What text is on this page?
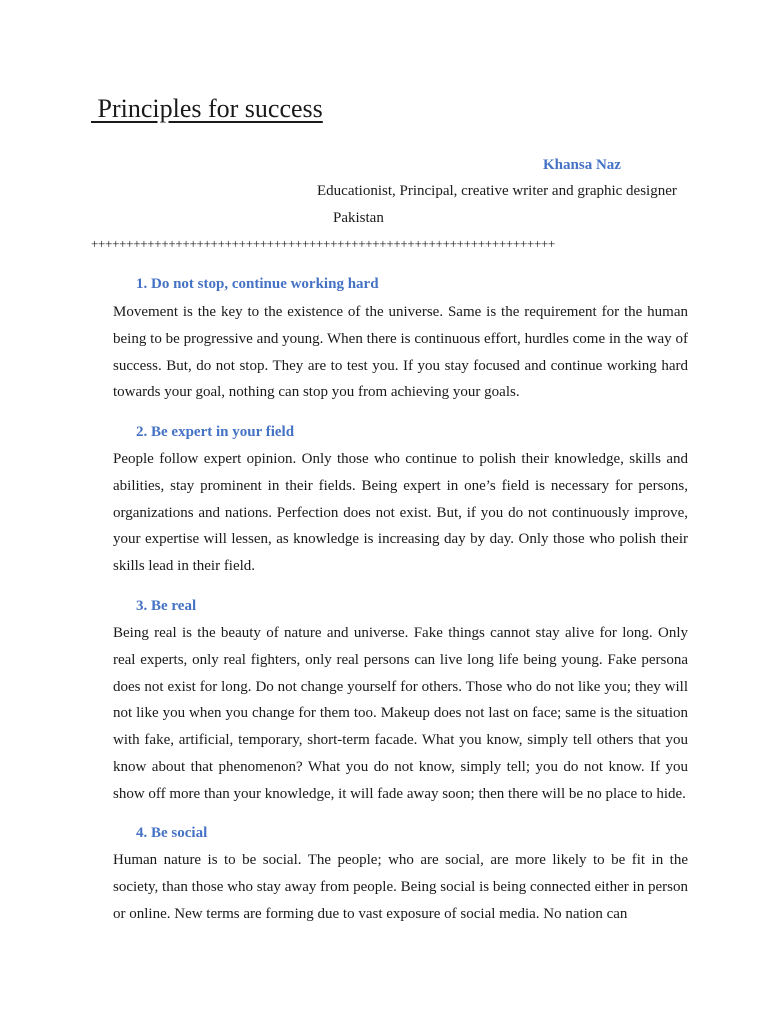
Principles for success
Khansa Naz
Educationist, Principal, creative writer and graphic designer
Pakistan
++++++++++++++++++++++++++++++++++++++++++++++++++++++++++++++++++
1. Do not stop, continue working hard

Movement is the key to the existence of the universe. Same is the requirement for the human being to be progressive and young. When there is continuous effort, hurdles come in the way of success. But, do not stop. They are to test you. If you stay focused and continue working hard towards your goal, nothing can stop you from achieving your goals.

2. Be expert in your field

People follow expert opinion. Only those who continue to polish their knowledge, skills and abilities, stay prominent in their fields. Being expert in one’s field is necessary for persons, organizations and nations. Perfection does not exist. But, if you do not continuously improve, your expertise will lessen, as knowledge is increasing day by day. Only those who polish their skills lead in their field.

3. Be real

Being real is the beauty of nature and universe. Fake things cannot stay alive for long. Only real experts, only real fighters, only real persons can live long life being young. Fake persona does not exist for long. Do not change yourself for others. Those who do not like you; they will not like you when you change for them too. Makeup does not last on face; same is the situation with fake, artificial, temporary, short-term facade. What you know, simply tell others that you know about that phenomenon? What you do not know, simply tell; you do not know. If you show off more than your knowledge, it will fade away soon; then there will be no place to hide.

4. Be social

Human nature is to be social. The people; who are social, are more likely to be fit in the society, than those who stay away from people. Being social is being connected either in person or online. New terms are forming due to vast exposure of social media. No nation can
